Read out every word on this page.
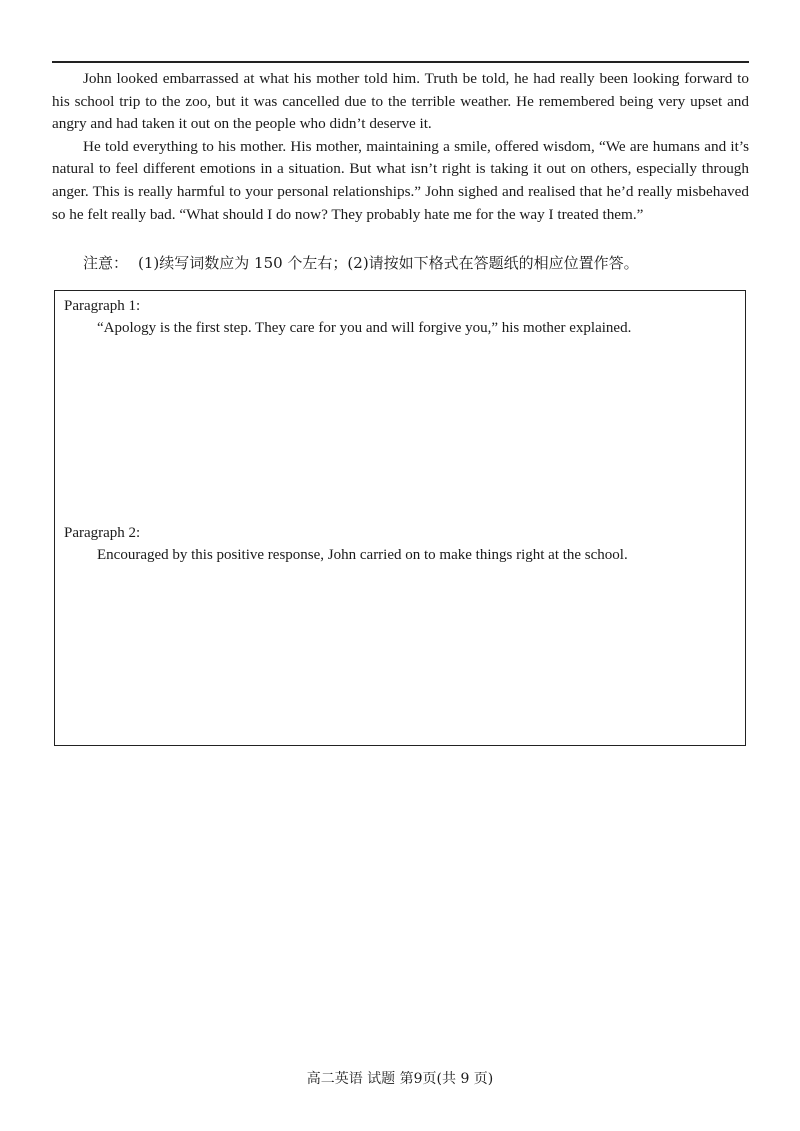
John looked embarrassed at what his mother told him. Truth be told, he had really been looking forward to his school trip to the zoo, but it was cancelled due to the terrible weather. He remembered being very upset and angry and had taken it out on the people who didn’t deserve it.

He told everything to his mother. His mother, maintaining a smile, offered wisdom, “We are humans and it’s natural to feel different emotions in a situation. But what isn’t right is taking it out on others, especially through anger. This is really harmful to your personal relationships.” John sighed and realised that he’d really misbehaved so he felt really bad. “What should I do now? They probably hate me for the way I treated them.”

注意： (1)续写词数应为 150 个左右；(2)请按如下格式在答题纸的相应位置作答。
Paragraph 1:
“Apology is the first step. They care for you and will forgive you,” his mother explained.
Paragraph 2:
Encouraged by this positive response, John carried on to make things right at the school.
高二英语 试题 第9页(共 9 页)
